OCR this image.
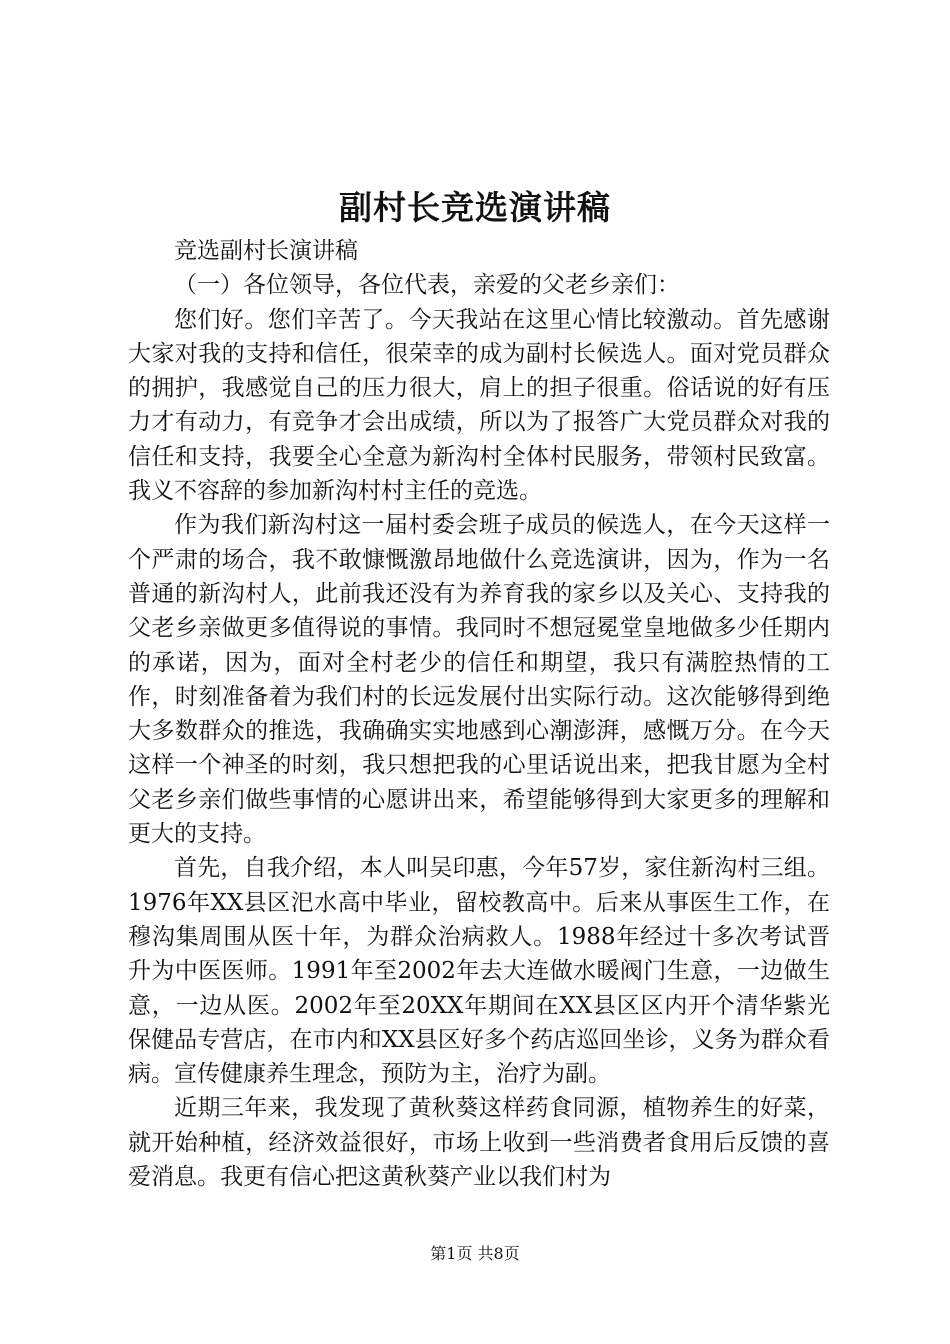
副村长竞选演讲稿

竞选副村长演讲稿

（一）各位领导，各位代表，亲爱的父老乡亲们：

您们好。您们辛苦了。今天我站在这里心情比较激动。首先感谢大家对我的支持和信任，很荣幸的成为副村长候选人。面对党员群众的拥护，我感觉自己的压力很大，肩上的担子很重。俗话说的好有压力才有动力，有竞争才会出成绩，所以为了报答广大党员群众对我的信任和支持，我要全心全意为新沟村全体村民服务，带领村民致富。我义不容辞的参加新沟村村主任的竞选。

作为我们新沟村这一届村委会班子成员的候选人，在今天这样一个严肃的场合，我不敢慷慨激昂地做什么竞选演讲，因为，作为一名普通的新沟村人，此前我还没有为养育我的家乡以及关心、支持我的父老乡亲做更多值得说的事情。我同时不想冠冕堂皇地做多少任期内的承诺，因为，面对全村老少的信任和期望，我只有满腔热情的工作，时刻准备着为我们村的长远发展付出实际行动。这次能够得到绝大多数群众的推选，我确确实实地感到心潮澎湃，感慨万分。在今天这样一个神圣的时刻，我只想把我的心里话说出来，把我甘愿为全村父老乡亲们做些事情的心愿讲出来，希望能够得到大家更多的理解和更大的支持。

首先，自我介绍，本人叫吴印惠，今年57岁，家住新沟村三组。1976年XX县区汜水高中毕业，留校教高中。后来从事医生工作，在穆沟集周围从医十年，为群众治病救人。1988年经过十多次考试晋升为中医医师。1991年至2002年去大连做水暖阀门生意，一边做生意，一边从医。2002年至20XX年期间在XX县区区内开个清华紫光保健品专营店，在市内和XX县区好多个药店巡回坐诊，义务为群众看病。宣传健康养生理念，预防为主，治疗为副。

近期三年来，我发现了黄秋葵这样药食同源，植物养生的好菜，就开始种植，经济效益很好，市场上收到一些消费者食用后反馈的喜爱消息。我更有信心把这黄秋葵产业以我们村为

第1页 共8页
